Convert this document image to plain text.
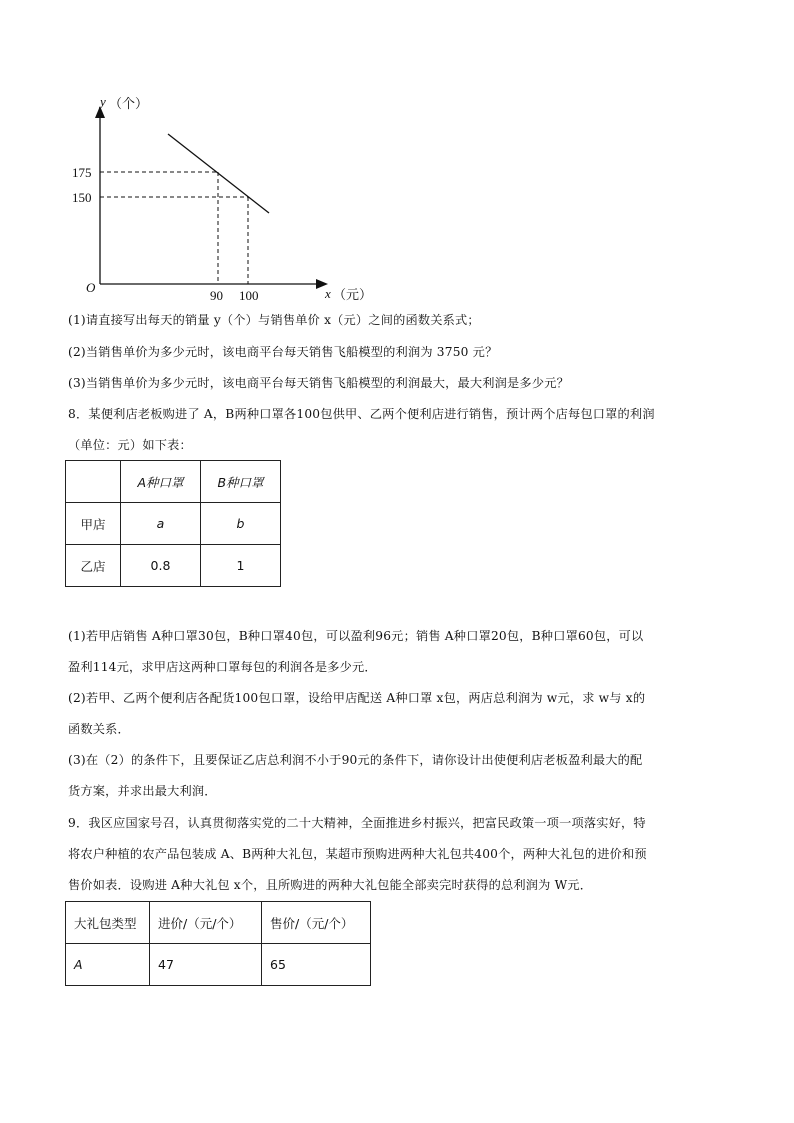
y （个）
175
150
O
90 100	x （元）
(1)请直接写出每天的销量 y（个）与销售单价 x（元）之间的函数关系式；
(2)当销售单价为多少元时，该电商平台每天销售飞船模型的利润为 3750 元？
(3)当销售单价为多少元时，该电商平台每天销售飞船模型的利润最大，最大利润是多少元？
8．某便利店老板购进了 A，B两种口罩各100包供甲、乙两个便利店进行销售，预计两个店每包口罩的利润
（单位：元）如下表：
	A种口罩	B种口罩
甲店	a	b
乙店	0.8	1
(1)若甲店销售 A种口罩30包，B种口罩40包，可以盈利96元；销售 A种口罩20包，B种口罩60包，可以
盈利114元，求甲店这两种口罩每包的利润各是多少元．
(2)若甲、乙两个便利店各配货100包口罩，设给甲店配送 A种口罩 x包，两店总利润为 w元，求 w与 x的
函数关系．
(3)在（2）的条件下，且要保证乙店总利润不小于90元的条件下，请你设计出使便利店老板盈利最大的配
货方案，并求出最大利润．
9．我区应国家号召，认真贯彻落实党的二十大精神，全面推进乡村振兴，把富民政策一项一项落实好，特
将农户种植的农产品包装成 A、B两种大礼包，某超市预购进两种大礼包共400个，两种大礼包的进价和预
售价如表．设购进 A种大礼包 x个，且所购进的两种大礼包能全部卖完时获得的总利润为 W元．
大礼包类型	进价/（元/个）	售价/（元/个）
A	47	65
